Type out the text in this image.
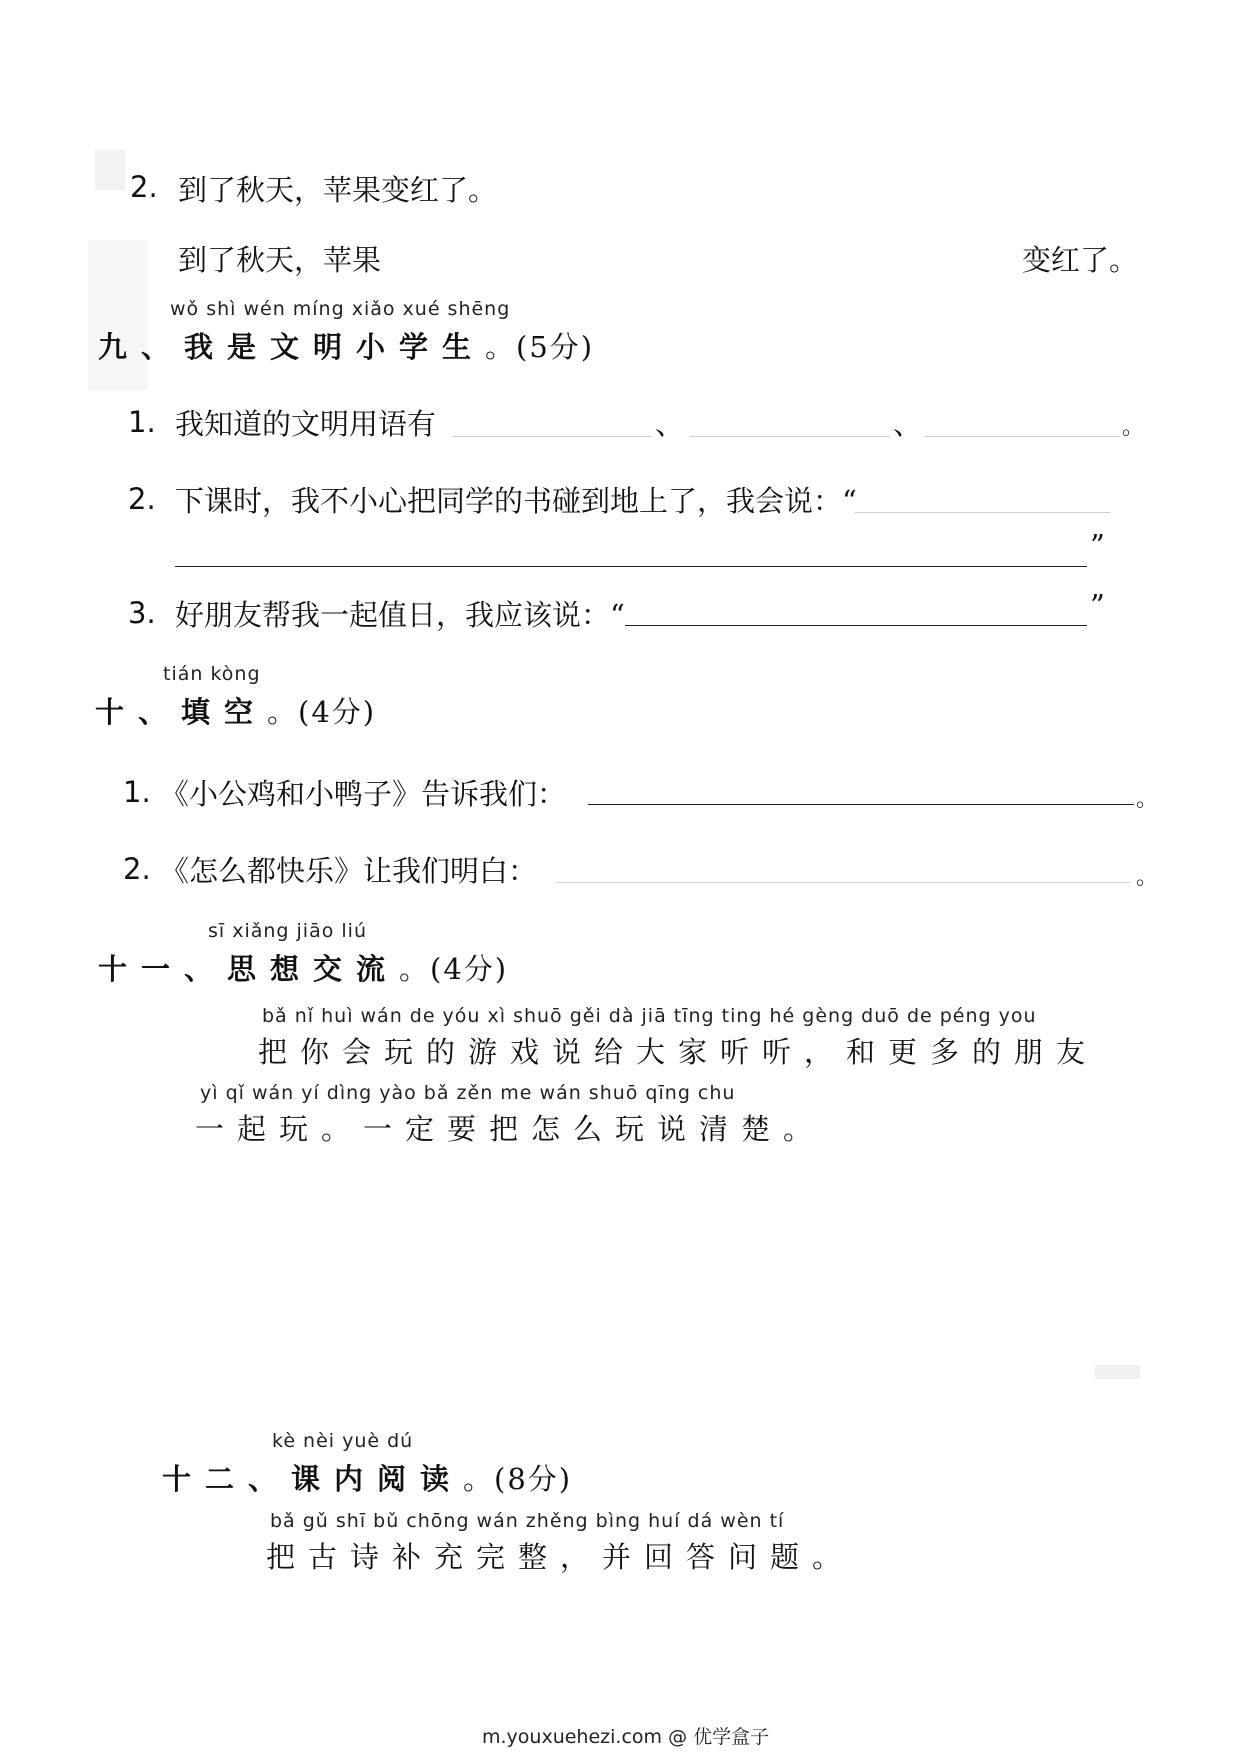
2. 到了秋天，苹果变红了。
到了秋天，苹果	变红了。
wǒ shì wén míng xiǎo xué shēng
九、我是文明小学生。(5分)
1. 我知道的文明用语有	、	、	。
2. 下课时，我不小心把同学的书碰到地上了，我会说：“
”
3. 好朋友帮我一起值日，我应该说：“	”
tián kòng
十、填空。(4分)
1. 《小公鸡和小鸭子》告诉我们：	。
2. 《怎么都快乐》让我们明白：	。
sī xiǎng jiāo liú
十一、思想交流。(4分)
bǎ nǐ huì wán de yóu xì shuō gěi dà jiā tīng ting hé gèng duō de péng you
把你会玩的游戏说给大家听听，和更多的朋友
yì qǐ wán yí dìng yào bǎ zěn me wán shuō qīng chu
一起玩。一定要把怎么玩说清楚。
kè nèi yuè dú
十二、课内阅读。(8分)
bǎ gǔ shī bǔ chōng wán zhěng bìng huí dá wèn tí
把古诗补充完整，并回答问题。
m.youxuehezi.com @ 优学盒子
